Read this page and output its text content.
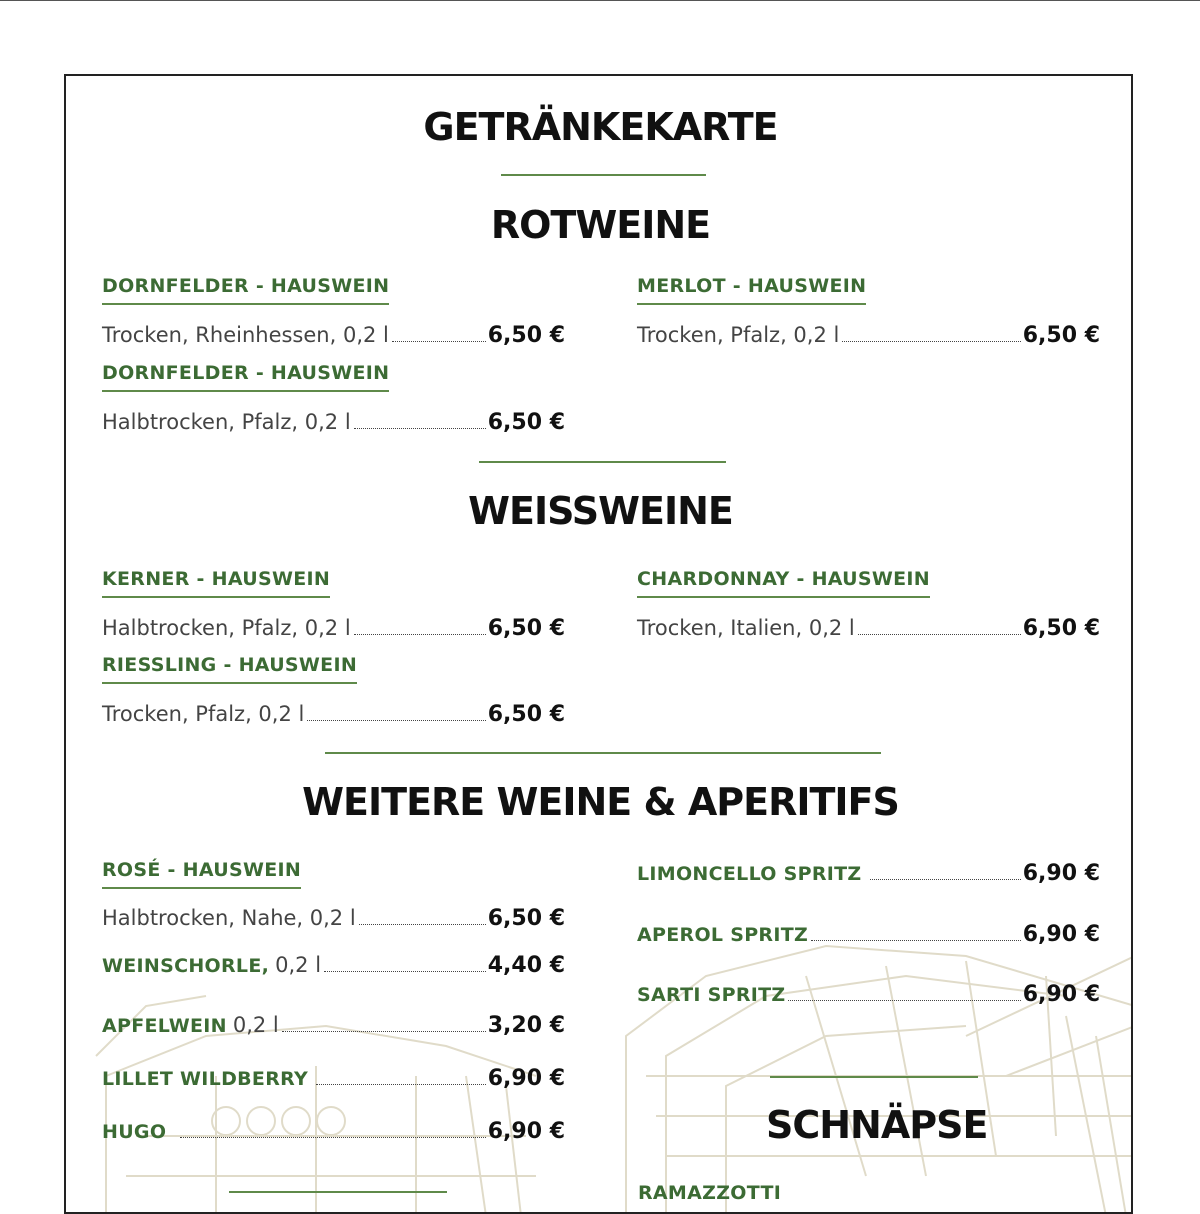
GETRÄNKEKARTE
ROTWEINE
DORNFELDER - HAUSWEIN
Trocken, Rheinhessen, 0,2 l	6,50 €
DORNFELDER - HAUSWEIN
Halbtrocken, Pfalz, 0,2 l	6,50 €
MERLOT - HAUSWEIN
Trocken, Pfalz, 0,2 l	6,50 €
WEISSWEINE
KERNER - HAUSWEIN
Halbtrocken, Pfalz, 0,2 l	6,50 €
RIESSLING - HAUSWEIN
Trocken, Pfalz, 0,2 l	6,50 €
CHARDONNAY - HAUSWEIN
Trocken, Italien, 0,2 l	6,50 €
WEITERE WEINE & APERITIFS
ROSÉ - HAUSWEIN
Halbtrocken, Nahe, 0,2 l	6,50 €
WEINSCHORLE, 0,2 l	4,40 €
APFELWEIN 0,2 l	3,20 €
LILLET WILDBERRY	6,90 €
HUGO	6,90 €
LIMONCELLO SPRITZ	6,90 €
APEROL SPRITZ	6,90 €
SARTI SPRITZ	6,90 €
SCHNÄPSE
RAMAZZOTTI
